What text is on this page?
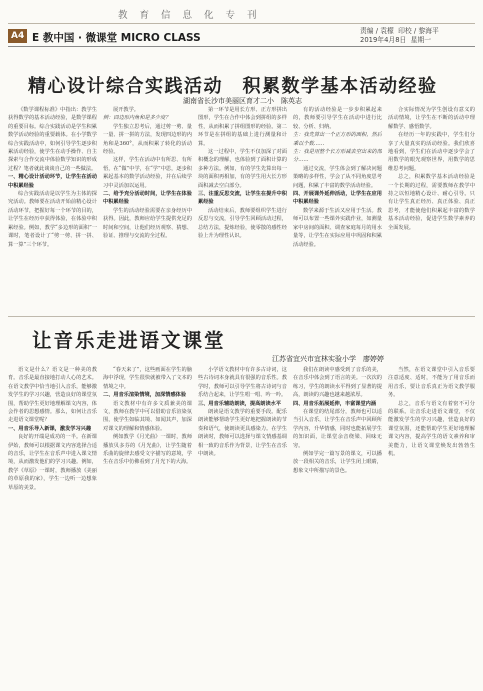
教育信息化专刊
A4 E 教中国 · 微课堂 MICRO CLASS
责编 / 袁檬 印校 / 黎海平
2019年4月8日 星期一
精心设计综合实践活动　积累数学基本活动经验
湖南省长沙市美丽区育才二小　陈英志

《数学课程标准》中指出：教学生获得数学的基本活动经验，是数学课程的重要目标。综合实践活动是学生积累数学活动经验的重要载体。在小学数学综合实践活动中，如何引导学生逐步积累活动经验，使学生在动手操作、自主探索与合作交流中体验数学知识的形成过程？笔者就此谈谈自己的一些做法。

一、精心设计活动环节，让学生在活动中积累经验

综合实践活动是以学生为主体的探究活动。教师要在活动开始前精心设计活动环节，把握好每一个环节的目的，让学生在经历中获得体验，在体验中积累经验。例如，教学“多边形的面积”一课时，笔者设计了“剪一剪、拼一拼、算一算”三个环节。

展开教学。

例：四边形内角和是多少度？

学生独立思考后，通过剪一剪、量一量、拼一拼的方法，发现四边形的内角和是360°，从而积累了转化的活动经验。

这样，学生在活动中有所思、有所悟，在“做”中学，在“学”中思，逐步积累起基本的数学活动经验，并在后续学习中灵活加以运用。

二、给予充分活动时间，让学生在体验中积累经验

学生的活动经验需要在亲身经历中获得。因此，教师应给学生提供充足的时间和空间，让他们经历观察、猜想、验证、推理与交流的全过程。

第一环节是用长方形、正方形拼出图形，学生在合作中体会到拼组的多样性，从而积累了拼组图形的经验。第二环节是在拼组的基础上进行测量和计算。

这一过程中，学生不仅加深了对面积概念的理解，也体验到了面积计算的多种方法。例如，有的学生先算出每一块的面积再相加，有的学生用大长方形面积减去空白部分。

三、注重反思交流，让学生在提升中积累经验

活动结束后，教师要组织学生进行反思与交流，引导学生回顾活动过程，总结方法，提炼经验，使零散的感性经验上升为理性认识。

有的活动经验是一步步积累起来的，教师要引导学生在活动中进行比较、分析、归纳。

生：我先算出一个正方形的面积，然后乘以个数……

生：我是用整个长方形减去空出来的部分……

通过交流，学生体会到了解决问题策略的多样性，学会了从不同角度思考问题，积累了丰富的数学活动经验。

四、开展课外延伸活动，让学生在应用中积累经验

数学来源于生活又应用于生活。教师可以布置一些课外实践作业，如测量家中房间的面积、调查家庭每月的用水量等，让学生在实际应用中巩固和积累活动经验。

合实际情况为学生创设有意义的活动情境，让学生在不断的活动中理解数学、感悟数学。

在经历一年的实践中，学生们分享了大量真实的活动经验。我们欣喜地看到，学生们在活动中逐步学会了用数学的眼光观察世界，用数学的思维思考问题。

总之，积累数学基本活动经验是一个长期的过程，需要教师在教学中持之以恒地精心设计、耐心引导。只有让学生真正经历、真正体验、真正思考，才能使他们积累起丰富的数学基本活动经验，促进学生数学素养的全面发展。

让音乐走进语文课堂
江苏省宜兴市宜林实验小学　廖婷婷

语文是什么？语文是一种美的教育。音乐是最直接地打动人心的艺术。在语文教学中恰当地引入音乐，能够激发学生的学习兴趣，营造良好的课堂氛围，帮助学生更好地理解课文内容，体会作者的思想感情。那么，如何让音乐走进语文课堂呢？

一、用音乐导入新课，激发学习兴趣

良好的开端是成功的一半。在新课伊始，教师可以根据课文内容选择合适的音乐，让学生在音乐声中进入课文情境，从而激发他们的学习兴趣。例如，教学《草原》一课时，教师播放《美丽的草原我的家》，学生一边听一边想象草原的美景。

“春天来了”，这些画面在学生的脑海中浮现，学生很快就被带入了文本的情境之中。

二、用音乐渲染情境，加深情感体验

语文教材中有许多文质兼美的课文，教师在教学中可以借助音乐渲染氛围，使学生如临其境、如闻其声，加深对课文的理解和情感体验。

例如教学《月光曲》一课时，教师播放贝多芬的《月光曲》，让学生随着乐曲的旋律去感受文字描写的意境，学生在音乐中仿佛看到了月光下的大海。

小学语文教材中有许多古诗词，这些古诗词本身就具有很强的音乐性。教学时，教师可以引导学生将古诗词与音乐结合起来，让学生唱一唱、吟一吟。

三、用音乐辅助朗读，提高朗读水平

朗读是语文教学的重要手段。配乐朗读能够帮助学生更好地把握朗读的节奏和语气，使朗读更具感染力。在学生朗读时，教师可以选择与课文情感基调相一致的音乐作为背景，让学生在音乐中朗读。

我们在朗读中感受到了音乐的美，在音乐中体会到了语言的美。一次次的练习，学生的朗读水平得到了显著的提高，朗读的兴趣也越来越浓厚。

四、用音乐拓展延伸，丰富课堂内涵

在课堂的结尾部分，教师也可以适当引入音乐，让学生在音乐声中回顾所学内容，升华情感，同时也能拓展学生的知识面，让课堂余音绕梁、回味无穷。

例如学完一篇写景的课文，可以播放一段相关的音乐，让学生闭上眼睛，想象文中所描写的景色。

当然，在语文课堂中引入音乐要注意适度、适时，不能为了用音乐而用音乐，要让音乐真正为语文教学服务。

总之，音乐与语文有着密不可分的联系。让音乐走进语文课堂，不仅能激发学生的学习兴趣，营造良好的课堂氛围，还能帮助学生更好地理解课文内容，提高学生的语文素养和审美能力，让语文课堂焕发出勃勃生机。
